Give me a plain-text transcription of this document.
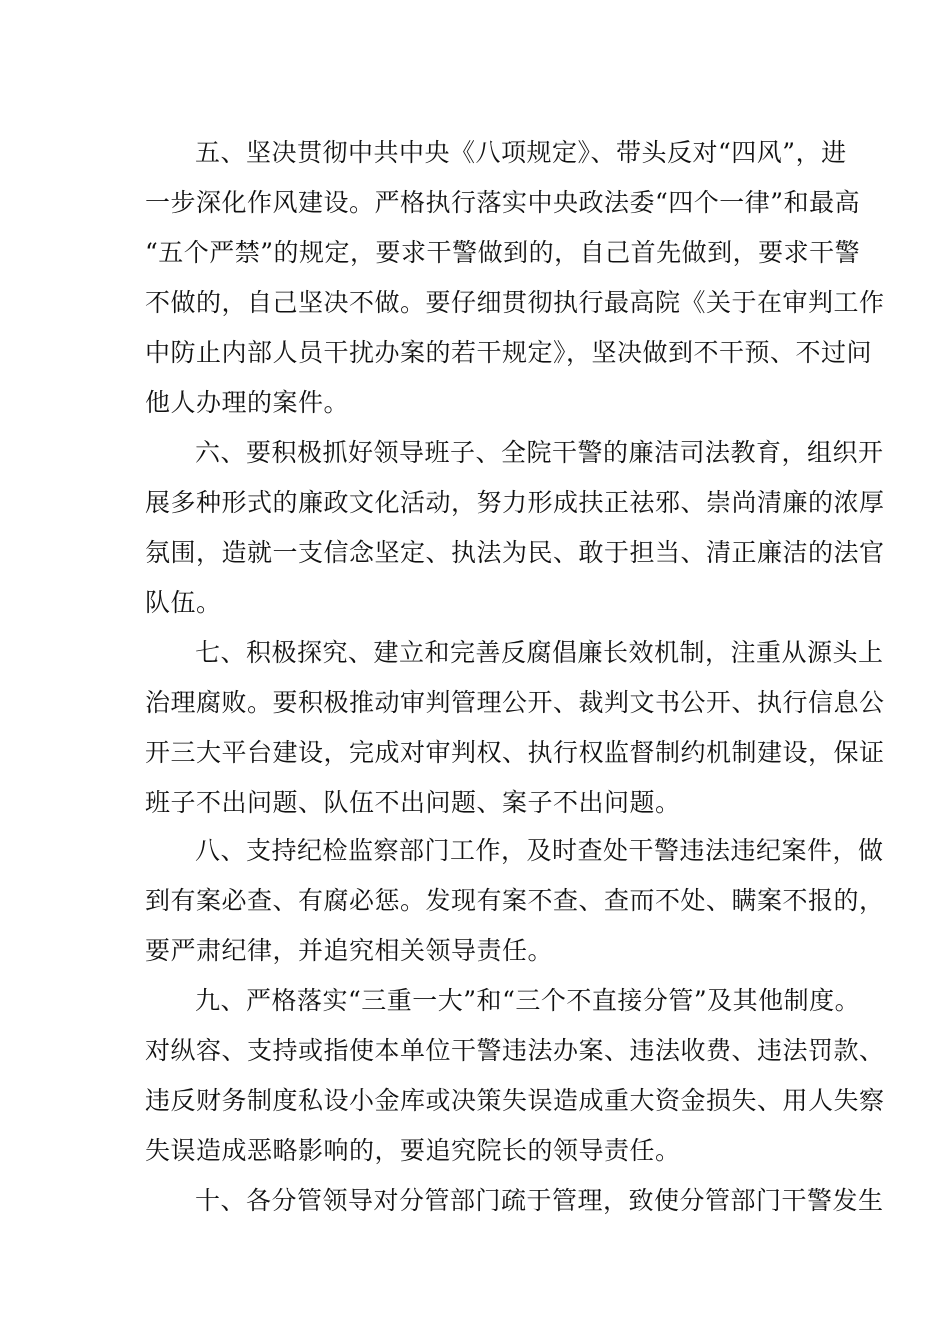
五、坚决贯彻中共中央《八项规定》、带头反对“四风”，进
一步深化作风建设。严格执行落实中央政法委“四个一律”和最高
“五个严禁”的规定，要求干警做到的，自己首先做到，要求干警
不做的，自己坚决不做。要仔细贯彻执行最高院《关于在审判工作
中防止内部人员干扰办案的若干规定》，坚决做到不干预、不过问
他人办理的案件。
六、要积极抓好领导班子、全院干警的廉洁司法教育，组织开
展多种形式的廉政文化活动，努力形成扶正祛邪、崇尚清廉的浓厚
氛围，造就一支信念坚定、执法为民、敢于担当、清正廉洁的法官
队伍。
七、积极探究、建立和完善反腐倡廉长效机制，注重从源头上
治理腐败。要积极推动审判管理公开、裁判文书公开、执行信息公
开三大平台建设，完成对审判权、执行权监督制约机制建设，保证
班子不出问题、队伍不出问题、案子不出问题。
八、支持纪检监察部门工作，及时查处干警违法违纪案件，做
到有案必查、有腐必惩。发现有案不查、查而不处、瞒案不报的，
要严肃纪律，并追究相关领导责任。
九、严格落实“三重一大”和“三个不直接分管”及其他制度。
对纵容、支持或指使本单位干警违法办案、违法收费、违法罚款、
违反财务制度私设小金库或决策失误造成重大资金损失、用人失察
失误造成恶略影响的，要追究院长的领导责任。
十、各分管领导对分管部门疏于管理，致使分管部门干警发生
